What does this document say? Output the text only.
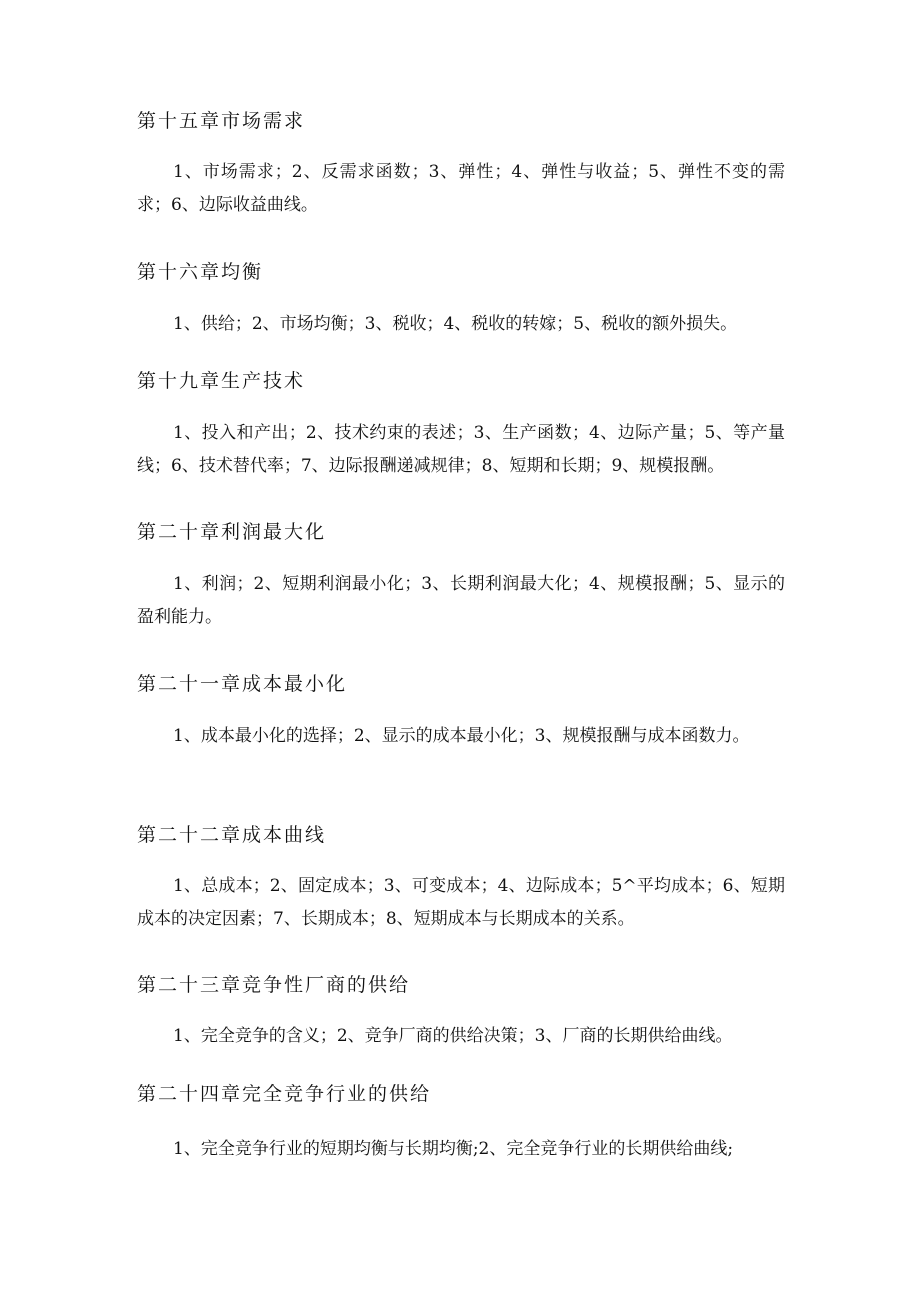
第十五章市场需求
1、市场需求；2、反需求函数；3、弹性；4、弹性与收益；5、弹性不变的需求；6、边际收益曲线。
第十六章均衡
1、供给；2、市场均衡；3、税收；4、税收的转嫁；5、税收的额外损失。
第十九章生产技术
1、投入和产出；2、技术约束的表述；3、生产函数；4、边际产量；5、等产量线；6、技术替代率；7、边际报酬递减规律；8、短期和长期；9、规模报酬。
第二十章利润最大化
1、利润；2、短期利润最小化；3、长期利润最大化；4、规模报酬；5、显示的盈利能力。
第二十一章成本最小化
1、成本最小化的选择；2、显示的成本最小化；3、规模报酬与成本函数力。
第二十二章成本曲线
1、总成本；2、固定成本；3、可变成本；4、边际成本；5^平均成本；6、短期成本的决定因素；7、长期成本；8、短期成本与长期成本的关系。
第二十三章竞争性厂商的供给
1、完全竞争的含义；2、竞争厂商的供给决策；3、厂商的长期供给曲线。
第二十四章完全竞争行业的供给
1、完全竞争行业的短期均衡与长期均衡;2、完全竞争行业的长期供给曲线;
